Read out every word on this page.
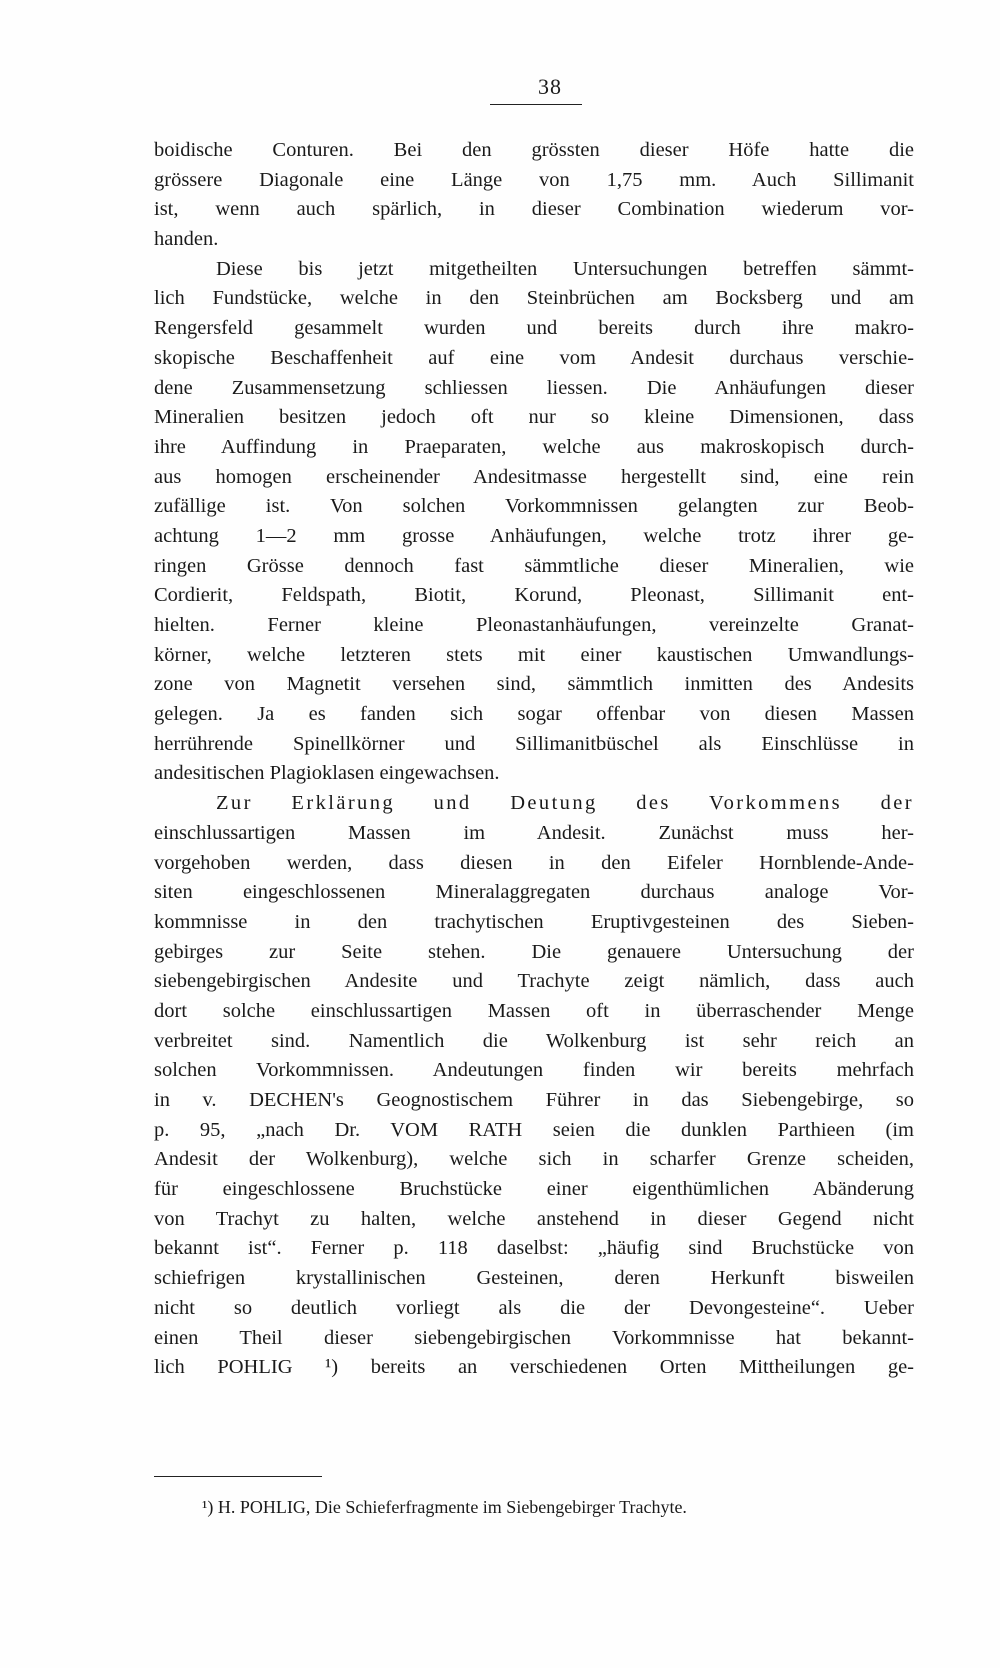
38
boidische Conturen. Bei den grössten dieser Höfe hatte die
grössere Diagonale eine Länge von 1,75 mm. Auch Sillimanit
ist, wenn auch spärlich, in dieser Combination wiederum vor-
handen.
Diese bis jetzt mitgetheilten Untersuchungen betreffen sämmt-
lich Fundstücke, welche in den Steinbrüchen am Bocksberg und am
Rengersfeld gesammelt wurden und bereits durch ihre makro-
skopische Beschaffenheit auf eine vom Andesit durchaus verschie-
dene Zusammensetzung schliessen liessen. Die Anhäufungen dieser
Mineralien besitzen jedoch oft nur so kleine Dimensionen, dass
ihre Auffindung in Praeparaten, welche aus makroskopisch durch-
aus homogen erscheinender Andesitmasse hergestellt sind, eine rein
zufällige ist. Von solchen Vorkommnissen gelangten zur Beob-
achtung 1—2 mm grosse Anhäufungen, welche trotz ihrer ge-
ringen Grösse dennoch fast sämmtliche dieser Mineralien, wie
Cordierit, Feldspath, Biotit, Korund, Pleonast, Sillimanit ent-
hielten. Ferner kleine Pleonastanhäufungen, vereinzelte Granat-
körner, welche letzteren stets mit einer kaustischen Umwandlungs-
zone von Magnetit versehen sind, sämmtlich inmitten des Andesits
gelegen. Ja es fanden sich sogar offenbar von diesen Massen
herrührende Spinellkörner und Sillimanitbüschel als Einschlüsse in
andesitischen Plagioklasen eingewachsen.
Zur Erklärung und Deutung des Vorkommens der
einschlussartigen Massen im Andesit. Zunächst muss her-
vorgehoben werden, dass diesen in den Eifeler Hornblende-Ande-
siten eingeschlossenen Mineralaggregaten durchaus analoge Vor-
kommnisse in den trachytischen Eruptivgesteinen des Sieben-
gebirges zur Seite stehen. Die genauere Untersuchung der
siebengebirgischen Andesite und Trachyte zeigt nämlich, dass auch
dort solche einschlussartigen Massen oft in überraschender Menge
verbreitet sind. Namentlich die Wolkenburg ist sehr reich an
solchen Vorkommnissen. Andeutungen finden wir bereits mehrfach
in v. DECHEN's Geognostischem Führer in das Siebengebirge, so
p. 95, „nach Dr. VOM RATH seien die dunklen Parthieen (im
Andesit der Wolkenburg), welche sich in scharfer Grenze scheiden,
für eingeschlossene Bruchstücke einer eigenthümlichen Abänderung
von Trachyt zu halten, welche anstehend in dieser Gegend nicht
bekannt ist“. Ferner p. 118 daselbst: „häufig sind Bruchstücke von
schiefrigen krystallinischen Gesteinen, deren Herkunft bisweilen
nicht so deutlich vorliegt als die der Devongesteine“. Ueber
einen Theil dieser siebengebirgischen Vorkommnisse hat bekannt-
lich POHLIG ¹) bereits an verschiedenen Orten Mittheilungen ge-
¹) H. POHLIG, Die Schieferfragmente im Siebengebirger Trachyte.
